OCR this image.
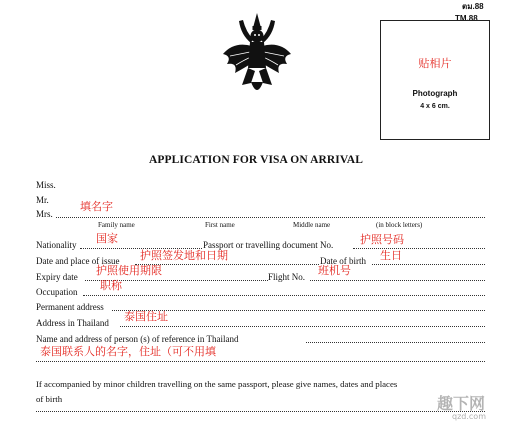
ตม.88
TM.88
贴相片
Photograph
4 x 6 cm.
APPLICATION FOR VISA ON ARRIVAL
Miss.
Mr.
Mrs.
填名字
Family name	First name	Middle name	(in block letters)
Nationality 国家	Passport or travelling document No. 护照号码
Date and place of issue 护照签发地和日期	Date of birth 生日
Expiry date 护照使用期限	Flight No. 班机号
Occupation 职称
Permanent address
Address in Thailand 泰国住址
Name and address of person (s) of reference in Thailand
泰国联系人的名字，住址（可不用填
If accompanied by minor children travelling on the same passport, please give names, dates and places
of birth	趣下网
qzd.com
